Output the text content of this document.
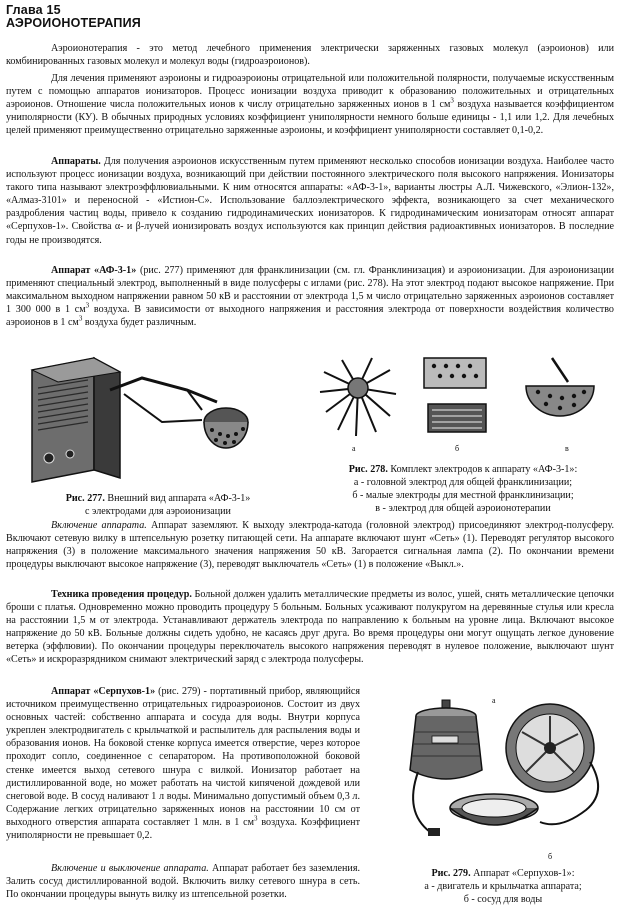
Глава 15
АЭРОИОНОТЕРАПИЯ

Аэроионотерапия - это метод лечебного применения электрически заряженных газовых молекул (аэроионов) или комбинированных газовых молекул и молекул воды (гидроаэроионов).

Для лечения применяют аэроионы и гидроаэроионы отрицательной или положительной полярности, получаемые искусственным путем с помощью аппаратов ионизаторов. Процесс ионизации воздуха приводит к образованию положительных и отрицательных аэроионов. Отношение числа положительных ионов к числу отрицательно заряженных ионов в 1 $см^3$ воздуха называется коэффициентом униполярности (КУ). В обычных природных условиях коэффициент униполярности немного больше единицы - 1,1 или 1,2. Для лечебных целей применяют преимущественно отрицательно заряженные аэроионы, и коэффициент униполярности составляет 0,1-0,2.

Аппараты. Для получения аэроионов искусственным путем применяют несколько способов ионизации воздуха. Наиболее часто используют процесс ионизации воздуха, возникающий при действии постоянного электрического поля высокого напряжения. Ионизаторы такого типа называют электроэффлювиальными. К ним относятся аппараты: «АФ-3-1», варианты люстры А.Л. Чижевского, «Элион-132», «Алмаз-3101» и переносной - «Истион-С». Использование баллоэлектрического эффекта, возникающего за счет механического раздробления частиц воды, привело к созданию гидродинамических ионизаторов. К гидродинамическим ионизаторам относят аппарат «Серпухов-1». Свойства α- и β-лучей ионизировать воздух используются как принцип действия радиоактивных ионизаторов. В последние годы не производятся.

Аппарат «АФ-3-1» (рис. 277) применяют для франклинизации (см. гл. Франклинизация) и аэроионизации. Для аэроионизации применяют специальный электрод, выполненный в виде полусферы с иглами (рис. 278). На этот электрод подают высокое напряжение. При максимальном выходном напряжении равном 50 кВ и расстоянии от электрода 1,5 м число отрицательно заряженных аэроионов составляет 1 300 000 в 1 $см^3$ воздуха. В зависимости от выходного напряжения и расстояния электрода от поверхности воздействия количество аэроионов в 1 $см^3$ воздуха будет различным.

Рис. 277. Внешний вид аппарата «АФ-3-1»
с электродами для аэроионизации
а	б	в
Рис. 278. Комплект электродов к аппарату «АФ-3-1»:
а - головной электрод для общей франклинизации;
б - малые электроды для местной франклинизации;
в - электрод для общей аэроионотерапии

Включение аппарата. Аппарат заземляют. К выходу электрода-катода (головной электрод) присоединяют электрод-полусферу. Включают сетевую вилку в штепсельную розетку питающей сети. На аппарате включают шунт «Сеть» (1). Переводят регулятор высокого напряжения (3) в положение максимального значения напряжения 50 кВ. Загорается сигнальная лампа (2). По окончании времени процедуры выключают высокое напряжение (3), переводят выключатель «Сеть» (1) в положение «Выкл.».

Техника проведения процедур. Больной должен удалить металлические предметы из волос, ушей, снять металлические цепочки броши с платья. Одновременно можно проводить процедуру 5 больным. Больных усаживают полукругом на деревянные стулья или кресла на расстоянии 1,5 м от электрода. Устанавливают держатель электрода по направлению к больным на уровне лица. Включают высокое напряжение до 50 кВ. Больные должны сидеть удобно, не касаясь друг друга. Во время процедуры они могут ощущать легкое дуновение ветерка (эффлювии). По окончании процедуры переключатель высокого напряжения переводят в нулевое положение, выключают шунт «Сеть» и искроразрядником снимают электрический заряд с электрода полусферы.

Аппарат «Серпухов-1» (рис. 279) - портативный прибор, являющийся источником преимущественно отрицательных гидроаэроионов. Состоит из двух основных частей: собственно аппарата и сосуда для воды. Внутри корпуса укреплен электродвигатель с крыльчаткой и распылитель для распыления воды и образования ионов. На боковой стенке корпуса имеется отверстие, через которое проходит сопло, соединенное с сепаратором. На противоположной боковой стенке имеется выход сетевого шнура с вилкой. Ионизатор работает на дистиллированной воде, но может работать на чистой кипяченой дождевой или снеговой воде. В сосуд наливают 1 л воды. Минимально допустимый объем 0,3 л. Содержание легких отрицательно заряженных ионов на расстоянии 10 см от выходного отверстия аппарата составляет 1 млн. в 1 $см^3$ воздуха. Коэффициент униполярности не превышает 0,2.

Включение и выключение аппарата. Аппарат работает без заземления. Залить сосуд дистиллированной водой. Включить вилку сетевого шнура в сеть. По окончании процедуры вынуть вилку из штепсельной розетки.

а
б
Рис. 279. Аппарат «Серпухов-1»:
а - двигатель и крыльчатка аппарата;
б - сосуд для воды
